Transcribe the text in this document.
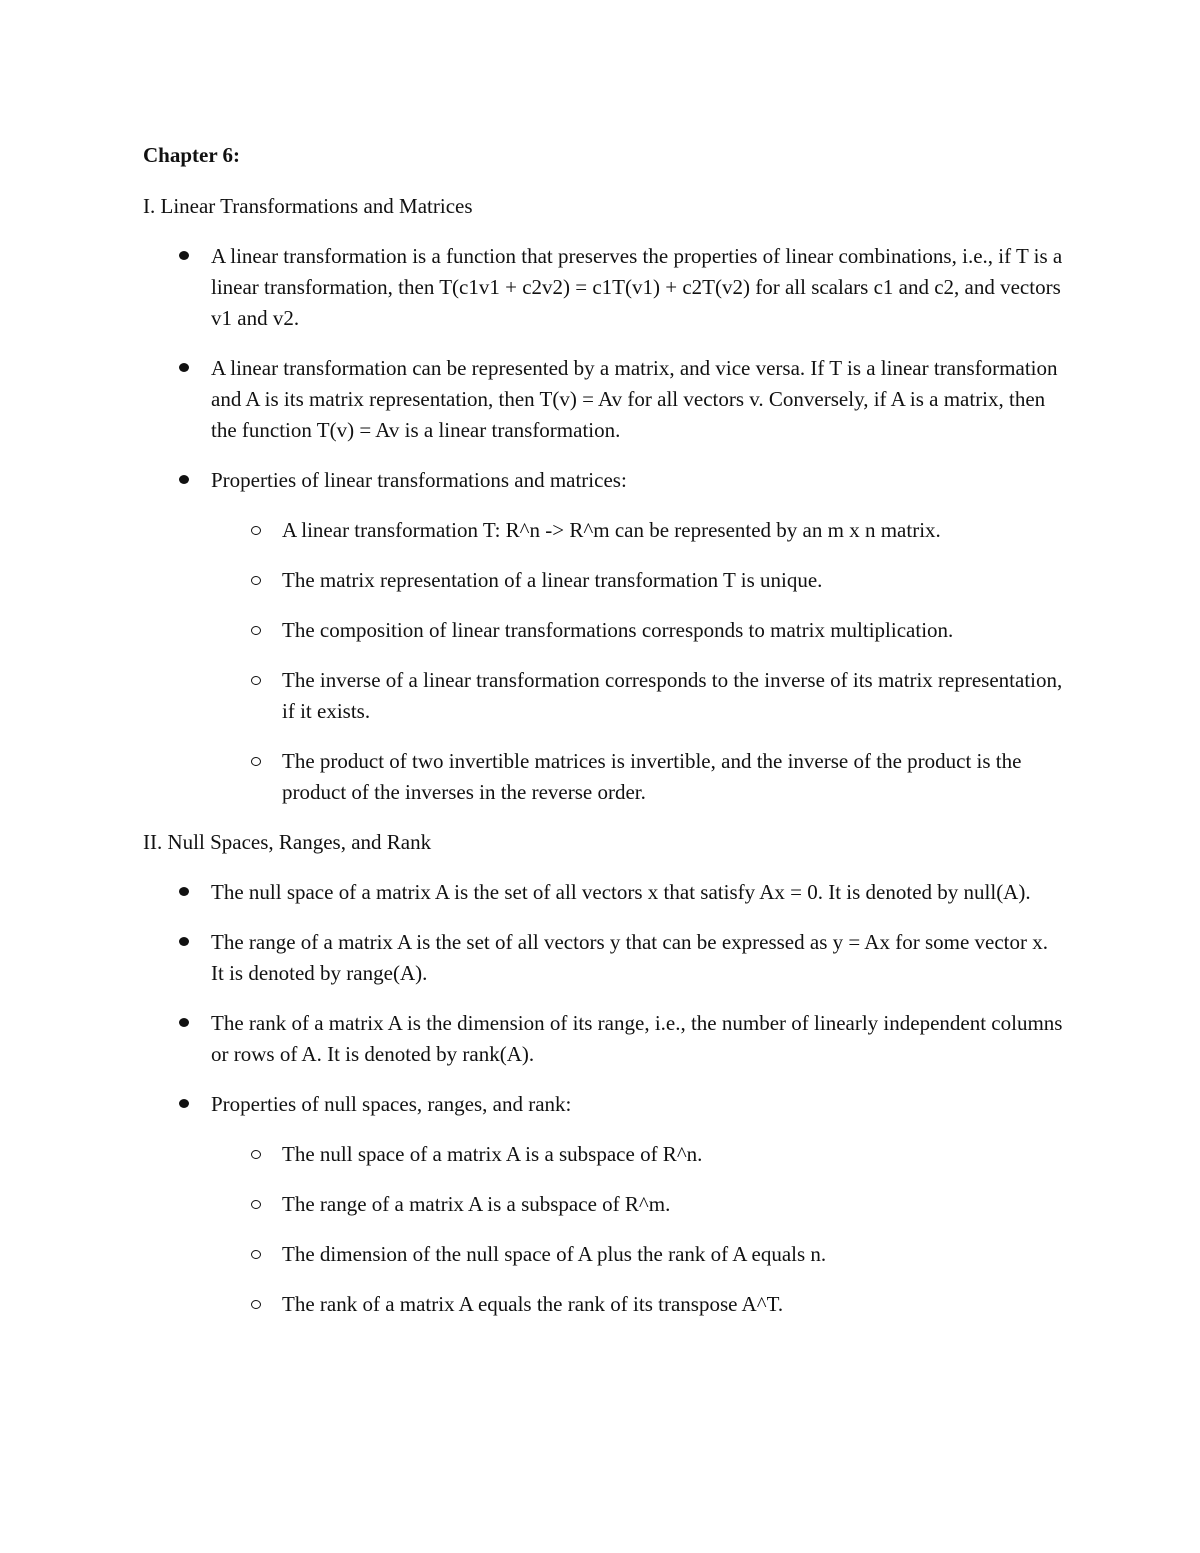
Chapter 6:
I. Linear Transformations and Matrices
A linear transformation is a function that preserves the properties of linear combinations, i.e., if T is a linear transformation, then T(c1v1 + c2v2) = c1T(v1) + c2T(v2) for all scalars c1 and c2, and vectors v1 and v2.
A linear transformation can be represented by a matrix, and vice versa. If T is a linear transformation and A is its matrix representation, then T(v) = Av for all vectors v. Conversely, if A is a matrix, then the function T(v) = Av is a linear transformation.
Properties of linear transformations and matrices:
A linear transformation T: R^n -> R^m can be represented by an m x n matrix.
The matrix representation of a linear transformation T is unique.
The composition of linear transformations corresponds to matrix multiplication.
The inverse of a linear transformation corresponds to the inverse of its matrix representation, if it exists.
The product of two invertible matrices is invertible, and the inverse of the product is the product of the inverses in the reverse order.
II. Null Spaces, Ranges, and Rank
The null space of a matrix A is the set of all vectors x that satisfy Ax = 0. It is denoted by null(A).
The range of a matrix A is the set of all vectors y that can be expressed as y = Ax for some vector x. It is denoted by range(A).
The rank of a matrix A is the dimension of its range, i.e., the number of linearly independent columns or rows of A. It is denoted by rank(A).
Properties of null spaces, ranges, and rank:
The null space of a matrix A is a subspace of R^n.
The range of a matrix A is a subspace of R^m.
The dimension of the null space of A plus the rank of A equals n.
The rank of a matrix A equals the rank of its transpose A^T.
